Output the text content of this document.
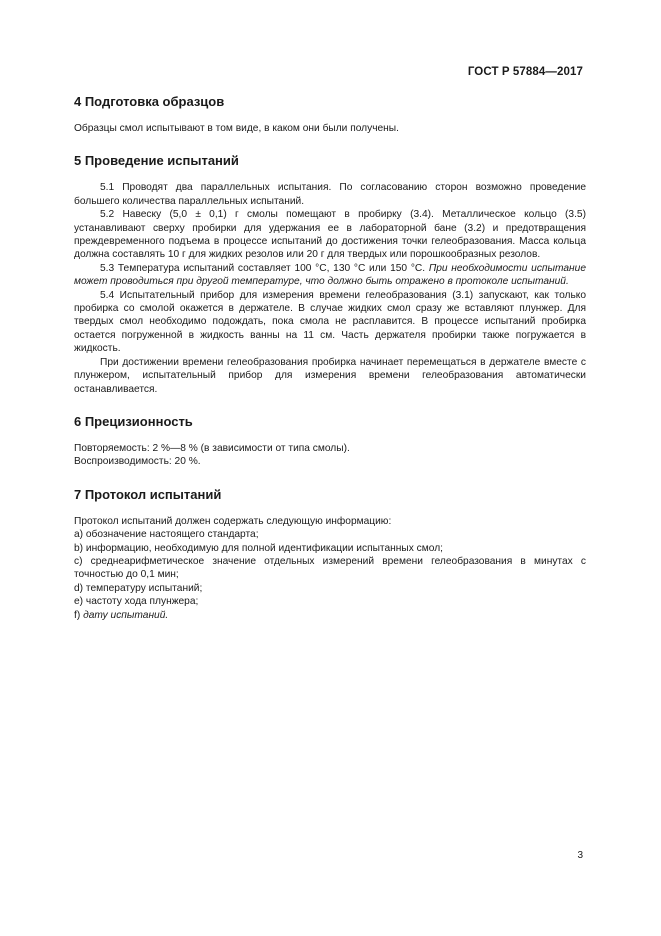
ГОСТ Р 57884—2017
4 Подготовка образцов

Образцы смол испытывают в том виде, в каком они были получены.

5 Проведение испытаний

5.1 Проводят два параллельных испытания. По согласованию сторон возможно проведение большего количества параллельных испытаний.

5.2 Навеску (5,0 ± 0,1) г смолы помещают в пробирку (3.4). Металлическое кольцо (3.5) устанавливают сверху пробирки для удержания ее в лабораторной бане (3.2) и предотвращения преждевременного подъема в процессе испытаний до достижения точки гелеобразования. Масса кольца должна составлять 10 г для жидких резолов или 20 г для твердых или порошкообразных резолов.

5.3 Температура испытаний составляет 100 °C, 130 °C или 150 °C. При необходимости испытание может проводиться при другой температуре, что должно быть отражено в протоколе испытаний.

5.4 Испытательный прибор для измерения времени гелеобразования (3.1) запускают, как только пробирка со смолой окажется в держателе. В случае жидких смол сразу же вставляют плунжер. Для твердых смол необходимо подождать, пока смола не расплавится. В процессе испытаний пробирка остается погруженной в жидкость ванны на 11 см. Часть держателя пробирки также погружается в жидкость.

При достижении времени гелеобразования пробирка начинает перемещаться в держателе вместе с плунжером, испытательный прибор для измерения времени гелеобразования автоматически останавливается.

6 Прецизионность

Повторяемость: 2 %—8 % (в зависимости от типа смолы).

Воспроизводимость: 20 %.

7 Протокол испытаний

Протокол испытаний должен содержать следующую информацию:

a) обозначение настоящего стандарта;

b) информацию, необходимую для полной идентификации испытанных смол;

c) среднеарифметическое значение отдельных измерений времени гелеобразования в минутах с точностью до 0,1 мин;

d) температуру испытаний;

e) частоту хода плунжера;

f) дату испытаний.

3
